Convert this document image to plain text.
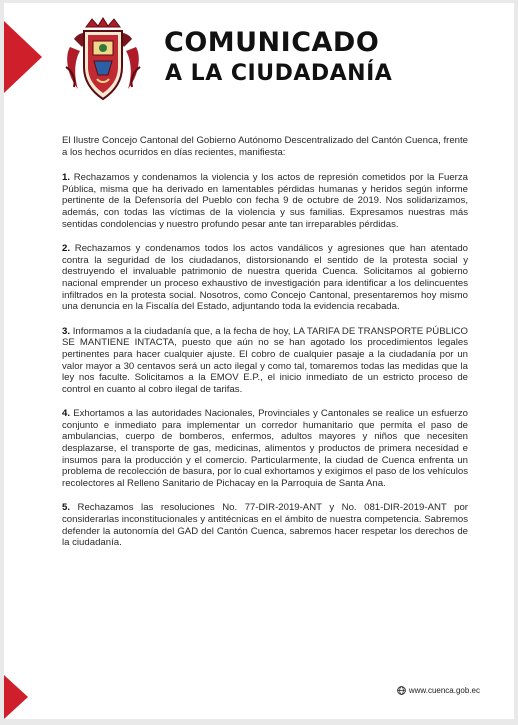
COMUNICADO
A LA CIUDADANÍA

El Ilustre Concejo Cantonal del Gobierno Autónomo Descentralizado del Cantón Cuenca, frente a los hechos ocurridos en días recientes, manifiesta:

1. Rechazamos y condenamos la violencia y los actos de represión cometidos por la Fuerza Pública, misma que ha derivado en lamentables pérdidas humanas y heridos según informe pertinente de la Defensoría del Pueblo con fecha 9 de octubre de 2019. Nos solidarizamos, además, con todas las víctimas de la violencia y sus familias. Expresamos nuestras más sentidas condolencias y nuestro profundo pesar ante tan irreparables pérdidas.

2. Rechazamos y condenamos todos los actos vandálicos y agresiones que han atentado contra la seguridad de los ciudadanos, distorsionando el sentido de la protesta social y destruyendo el invaluable patrimonio de nuestra querida Cuenca. Solicitamos al gobierno nacional emprender un proceso exhaustivo de investigación para identificar a los delincuentes infiltrados en la protesta social. Nosotros, como Concejo Cantonal, presentaremos hoy mismo una denuncia en la Fiscalía del Estado, adjuntando toda la evidencia recabada.

3. Informamos a la ciudadanía que, a la fecha de hoy, LA TARIFA DE TRANSPORTE PÚBLICO SE MANTIENE INTACTA, puesto que aún no se han agotado los procedimientos legales pertinentes para hacer cualquier ajuste. El cobro de cualquier pasaje a la ciudadanía por un valor mayor a 30 centavos será un acto ilegal y como tal, tomaremos todas las medidas que la ley nos faculte. Solicitamos a la EMOV E.P., el inicio inmediato de un estricto proceso de control en cuanto al cobro ilegal de tarifas.

4. Exhortamos a las autoridades Nacionales, Provinciales y Cantonales se realice un esfuerzo conjunto e inmediato para implementar un corredor humanitario que permita el paso de ambulancias, cuerpo de bomberos, enfermos, adultos mayores y niños que necesiten desplazarse, el transporte de gas, medicinas, alimentos y productos de primera necesidad e insumos para la producción y el comercio. Particularmente, la ciudad de Cuenca enfrenta un problema de recolección de basura, por lo cual exhortamos y exigimos el paso de los vehículos recolectores al Relleno Sanitario de Pichacay en la Parroquia de Santa Ana.

5. Rechazamos las resoluciones No. 77-DIR-2019-ANT y No. 081-DIR-2019-ANT por considerarlas inconstitucionales y antitécnicas en el ámbito de nuestra competencia. Sabremos defender la autonomía del GAD del Cantón Cuenca, sabremos hacer respetar los derechos de la ciudadanía.

www.cuenca.gob.ec
